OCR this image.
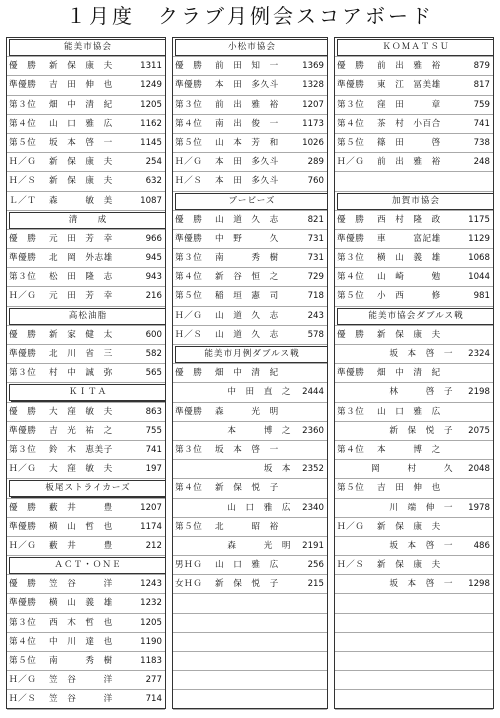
１月度　クラブ月例会スコアボード
能美市協会
優　勝	新　保　康　夫	1311
準優勝	吉　田　伸　也	1249
第３位	畑　中　清　紀	1205
第４位	山　口　雅　広	1162
第５位	坂　本　啓　一	1145
Ｈ／Ｇ	新　保　康　夫	254
Ｈ／Ｓ	新　保　康　夫	632
Ｌ／Ｔ	森　　　敏　美	1087
清　　成
優　勝	元　田　芳　幸	966
準優勝	北　岡　外志雄	945
第３位	松　田　隆　志	943
Ｈ／Ｇ	元　田　芳　幸	216
高松油脂
優　勝	新　家　健　太	600
準優勝	北　川　省　三	582
第３位	村　中　誠　弥	565
ＫＩＴＡ
優　勝	大　窪　敏　夫	863
準優勝	吉　光　祐　之	755
第３位	鈴　木　恵美子	741
Ｈ／Ｇ	大　窪　敏　夫	197
板尾ストライカーズ
優　勝	藪　井　　　豊	1207
準優勝	横　山　哲　也	1174
Ｈ／Ｇ	藪　井　　　豊	212
ＡＣＴ・ＯＮＥ
優　勝	笠　谷　　　洋	1243
準優勝	横　山　義　雄	1232
第３位	西　木　哲　也	1205
第４位	中　川　達　也	1190
第５位	南　　　秀　樹	1183
Ｈ／Ｇ	笠　谷　　　洋	277
Ｈ／Ｓ	笠　谷　　　洋	714
小松市協会
優　勝	前　田　知　一	1369
準優勝	本　田　多久斗	1328
第３位	前　出　雅　裕	1207
第４位	南　出　俊　一	1173
第５位	山　本　芳　和	1026
Ｈ／Ｇ	本　田　多久斗	289
Ｈ／Ｓ	本　田　多久斗	760
ブービーズ
優　勝	山　道　久　志	821
準優勝	中　野　　　久	731
第３位	南　　　秀　樹	731
第４位	新　谷　恒　之	729
第５位	稲　垣　憲　司	718
Ｈ／Ｇ	山　道　久　志	243
Ｈ／Ｓ	山　道　久　志	578
能美市月例ダブルス戦
優　勝	畑　中　清　紀
中　田　直　之 2444
準優勝	森　　　光　明
本　　　博　之 2360
第３位	坂　本　啓　一
坂　本 2352
第４位	新　保　悦　子
山　口　雅　広 2340
第５位	北　　　昭　裕
森　　　光　明 2191
男ＨＧ	山　口　雅　広	256
女ＨＧ	新　保　悦　子	215
ＫＯＭＡＴＳＵ
優　勝	前　出　雅　裕	879
準優勝	東　江　冨美雄	817
第３位	窪　田　　　章	759
第４位	茶　村　小百合	741
第５位	篠　田　　　啓	738
Ｈ／Ｇ	前　出　雅　裕	248
加賀市協会
優　勝	西　村　隆　政	1175
準優勝	車　　　富記雄	1129
第３位	横　山　義　雄	1068
第４位	山　崎　　　勉	1044
第５位	小　西　　　修	981
能美市協会ダブルス戦
優　勝	新　保　康　夫
坂　本　啓　一 2324
準優勝	畑　中　清　紀
林　　　啓　子 2198
第３位	山　口　雅　広
新　保　悦　子 2075
第４位	本　　　博　之
岡　　　村　　　久 2048
第５位	吉　田　伸　也
川　端　伸　一 1978
Ｈ／Ｇ	新　保　康　夫
坂　本　啓　一 486
Ｈ／Ｓ	新　保　康　夫
坂　本　啓　一 1298
